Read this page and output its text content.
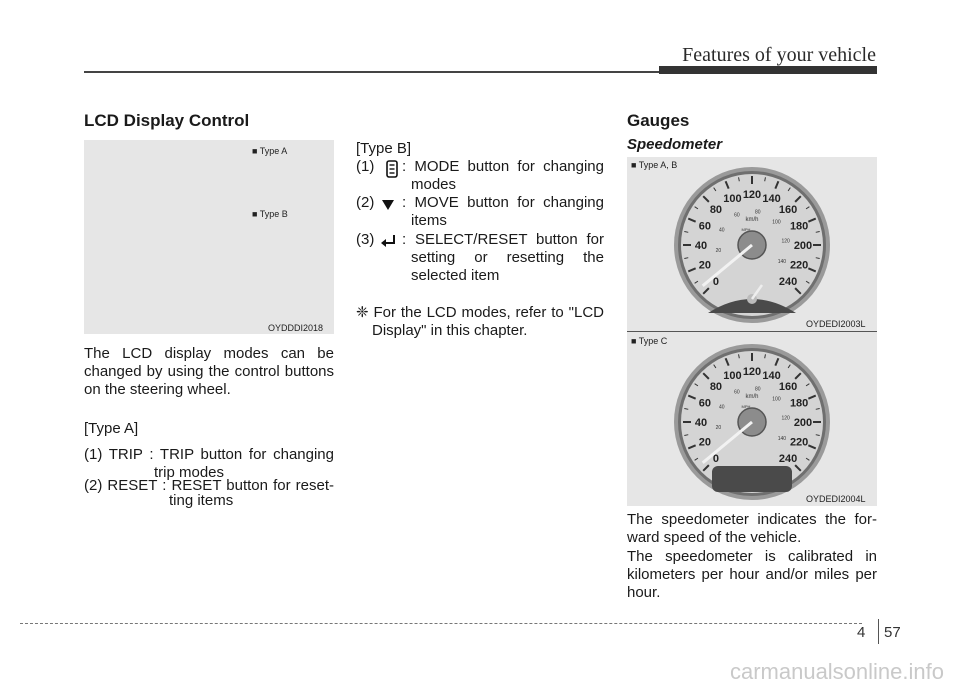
Features of your vehicle
LCD Display Control
■ Type A
■ Type B
OYDDDI2018
The LCD display modes can be changed by using the control buttons on the steering wheel.
[Type A]
(1) TRIP : TRIP button for changing
trip modes
(2) RESET : RESET button for reset-
ting items
[Type B]
(1) : MODE button for changing
modes
(2) : MOVE button for changing
items
(3) : SELECT/RESET button for
setting or resetting the
selected item
❈ For the LCD modes, refer to "LCD
Display" in this chapter.
Gauges
Speedometer
■ Type A, B
0
20
40
60
80
100 120 140
160
180
200
220
240
20
40
60
80
100
120
140
km/h
MPH
OYDEDI2003L
■ Type C
0
20
40
60
80
100 120 140
160
180
200
220
240
20
40
60
80
100
120
140
km/h
MPH
OYDEDI2004L
The speedometer indicates the for-
ward speed of the vehicle.
The speedometer is calibrated in
kilometers per hour and/or miles per
hour.
4 57
carmanualsonline.info
